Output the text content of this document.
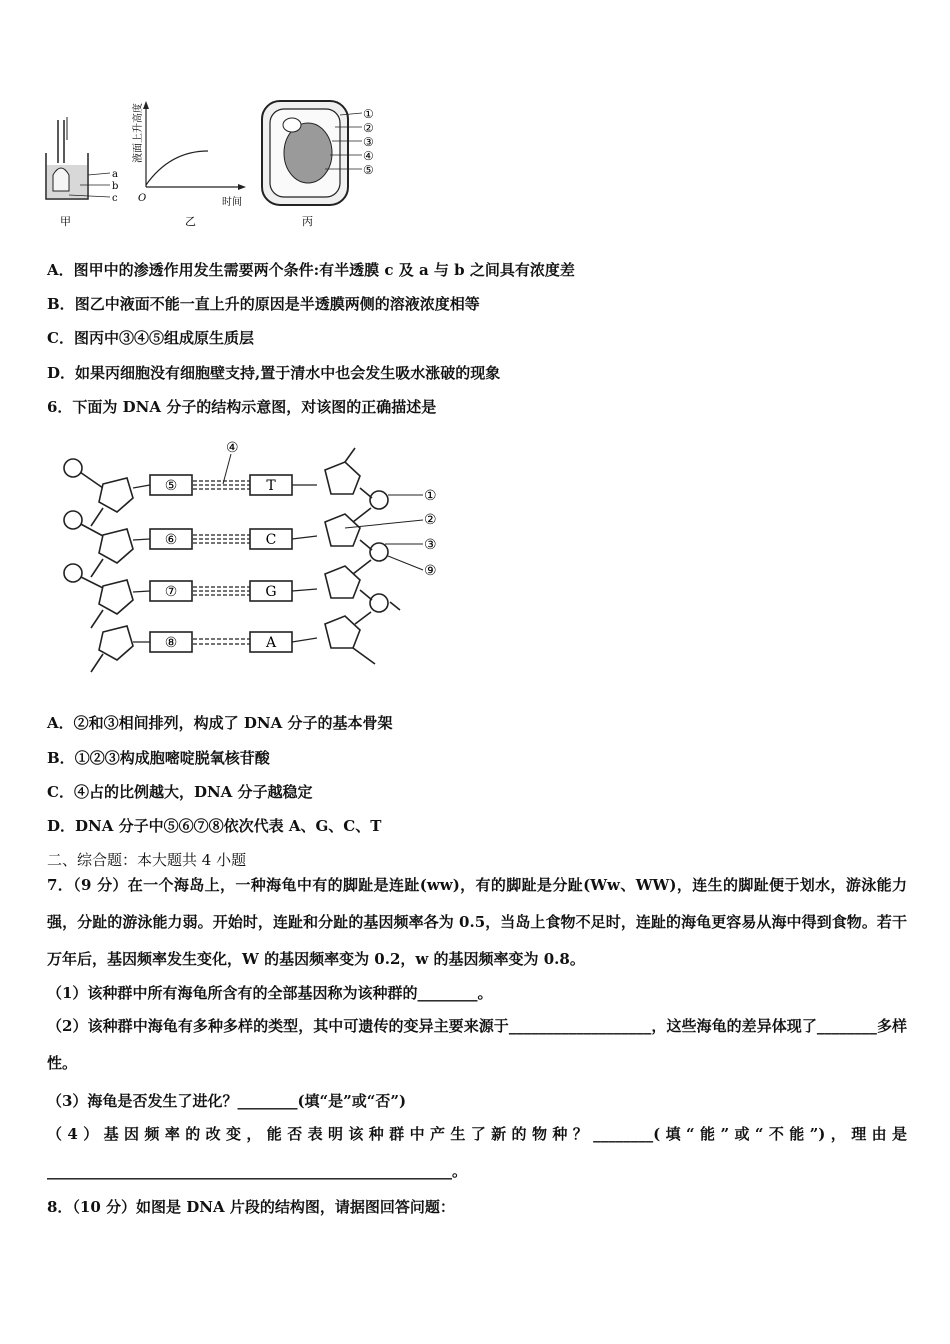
a
b
c
甲
液面上升高度
时间
O
乙
①
②
③
④
⑤
丙
A．图甲中的渗透作用发生需要两个条件:有半透膜 c 及 a 与 b 之间具有浓度差
B．图乙中液面不能一直上升的原因是半透膜两侧的溶液浓度相等
C．图丙中③④⑤组成原生质层
D．如果丙细胞没有细胞壁支持,置于清水中也会发生吸水涨破的现象
6．下面为 DNA 分子的结构示意图，对该图的正确描述是
⑤
⑥
⑦
⑧
T
C
G
A
④
①
②
③
⑨
A．②和③相间排列，构成了 DNA 分子的基本骨架
B．①②③构成胞嘧啶脱氧核苷酸
C．④占的比例越大，DNA 分子越稳定
D．DNA 分子中⑤⑥⑦⑧依次代表 A、G、C、T
二、综合题：本大题共 4 小题
7．（9 分）在一个海岛上，一种海龟中有的脚趾是连趾(ww)，有的脚趾是分趾(Ww、WW)，连生的脚趾便于划水，游泳能力强，分趾的游泳能力弱。开始时，连趾和分趾的基因频率各为 0.5，当岛上食物不足时，连趾的海龟更容易从海中得到食物。若干万年后，基因频率发生变化，W 的基因频率变为 0.2，w 的基因频率变为 0.8。
（1）该种群中所有海龟所含有的全部基因称为该种群的________。
（2）该种群中海龟有多种多样的类型，其中可遗传的变异主要来源于___________________，这些海龟的差异体现了________多样性。
（3）海龟是否发生了进化？________(填“是”或“否”)
（4）基因频率的改变，能否表明该种群中产生了新的物种？________(填“能”或“不能”)，理由是______________________________________________________。
8．（10 分）如图是 DNA 片段的结构图，请据图回答问题：
